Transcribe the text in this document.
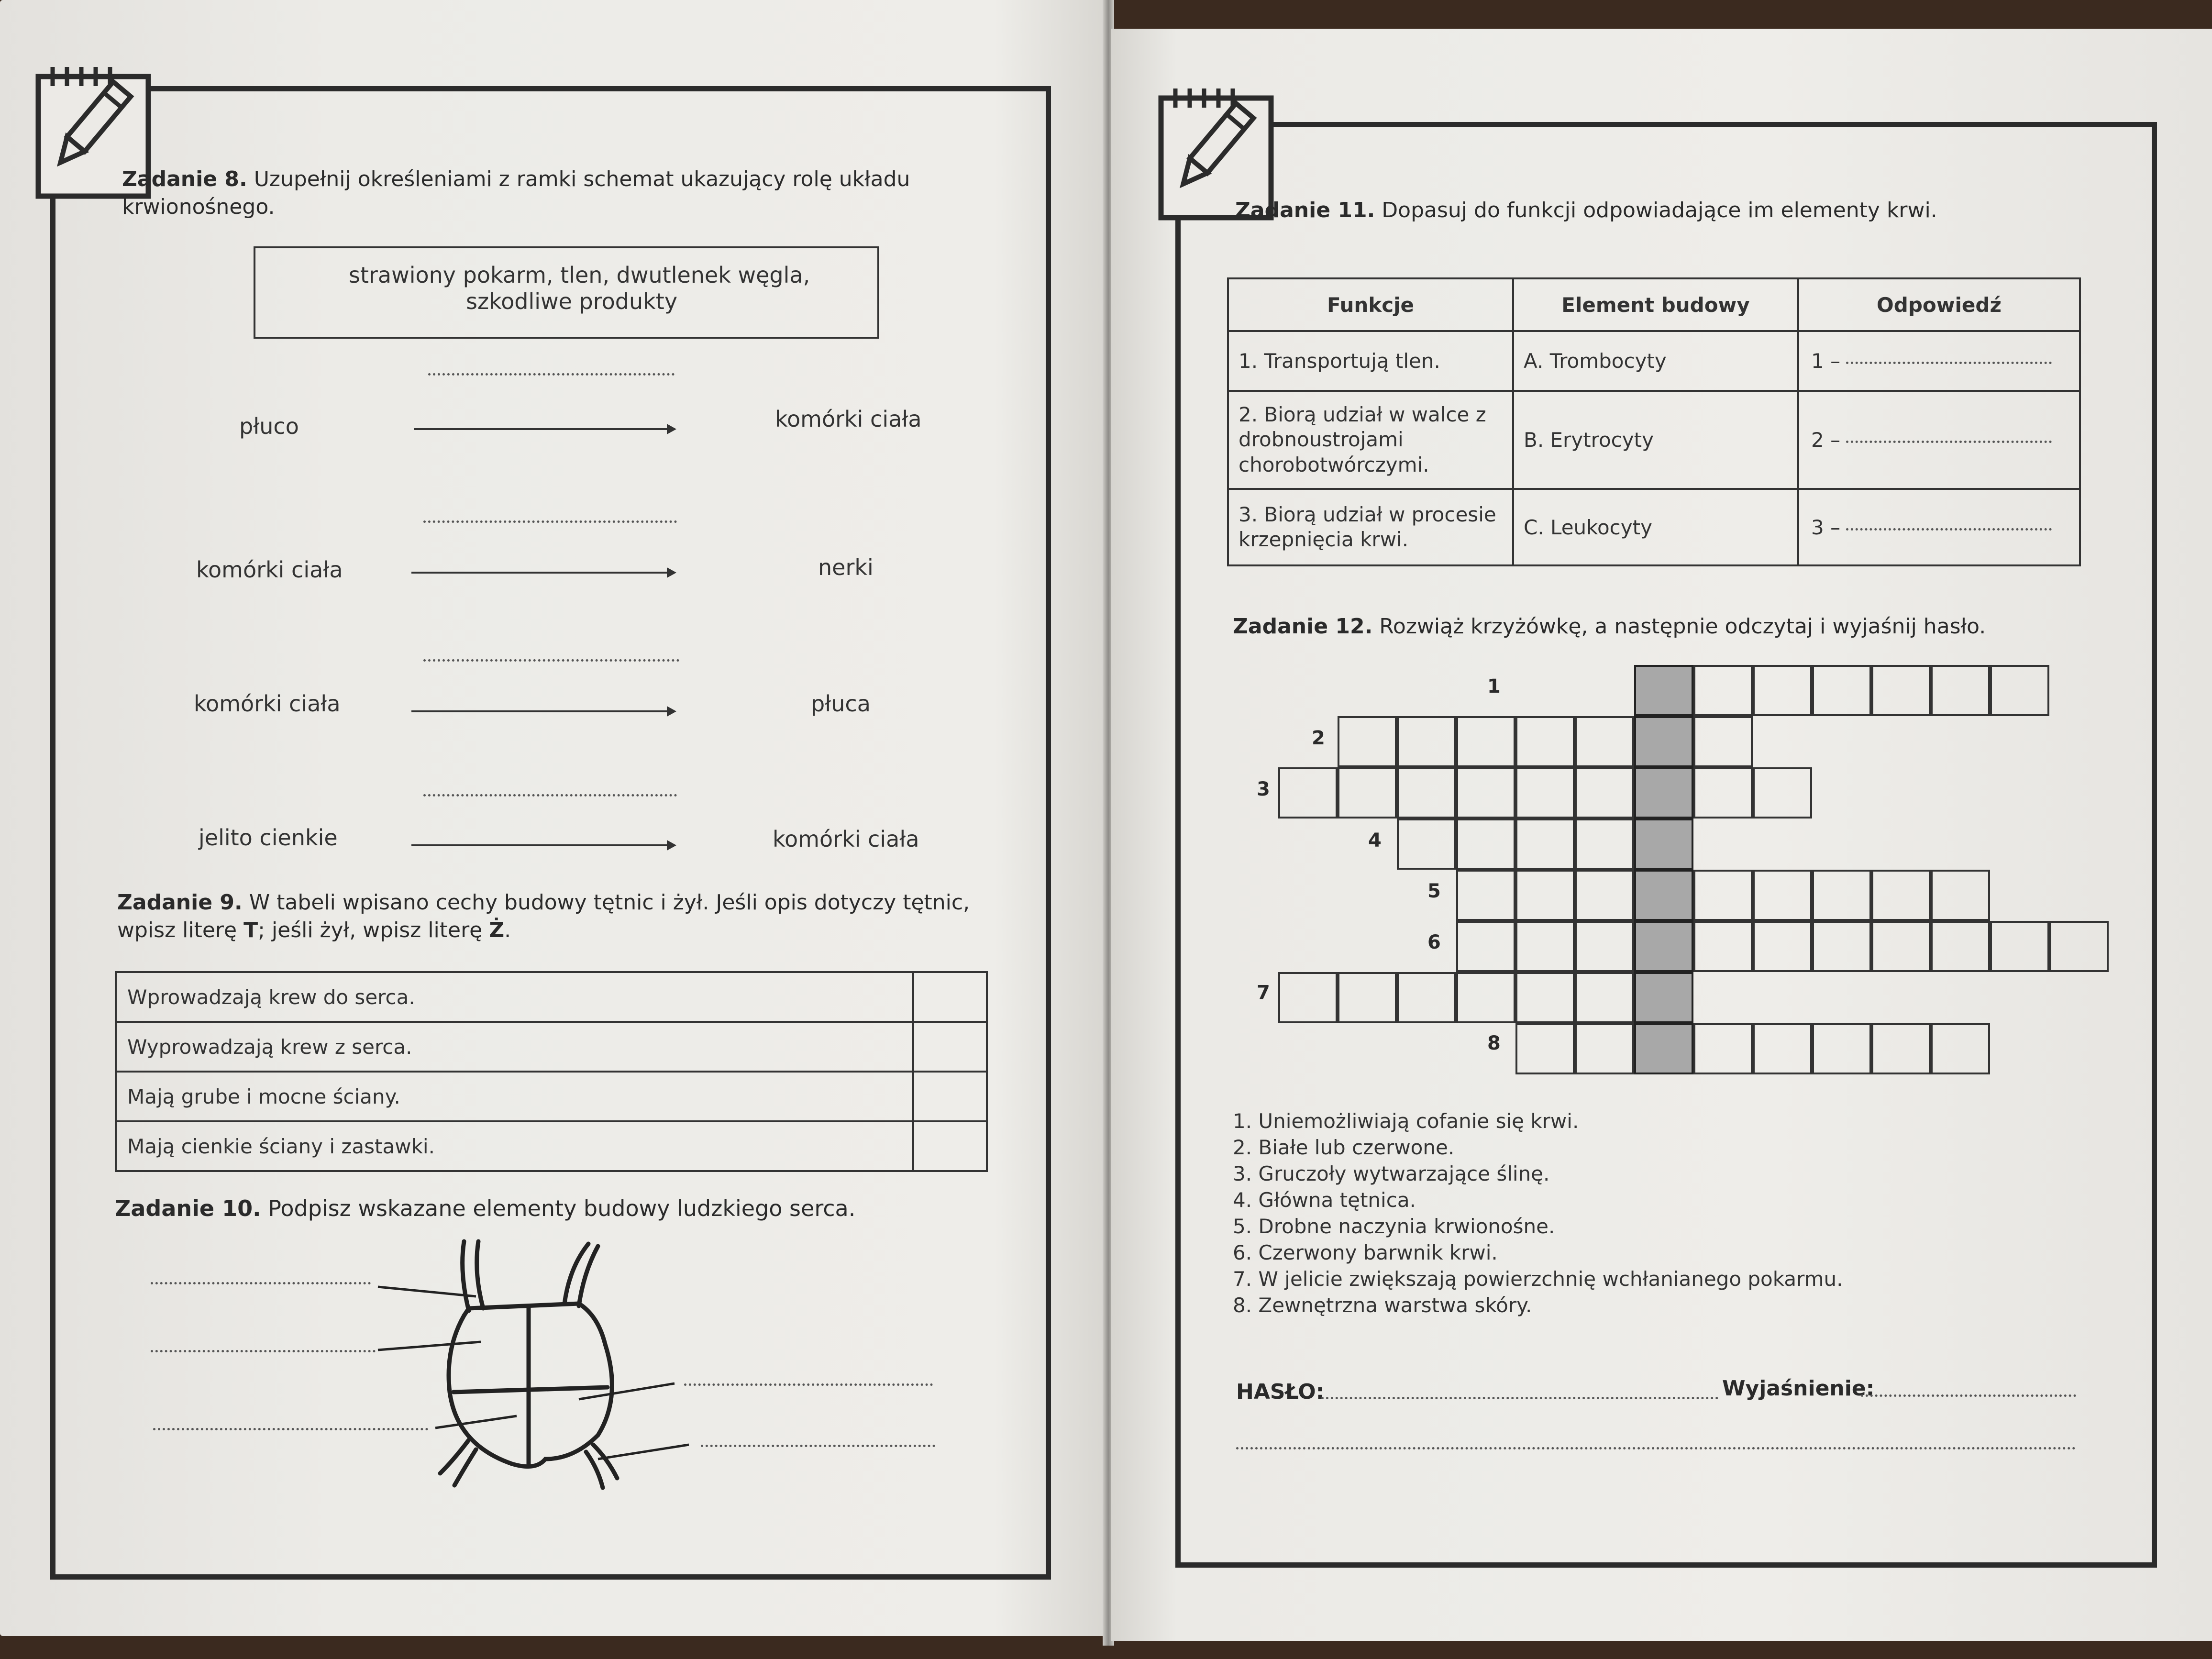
Zadanie 8. Uzupełnij określeniami z ramki schemat ukazujący rolę układu
krwionośnego.
strawiony pokarm, tlen, dwutlenek węgla,
szkodliwe produkty
płuco	komórki ciała
komórki ciała	nerki
komórki ciała	płuca
jelito cienkie	komórki ciała
Zadanie 9. W tabeli wpisano cechy budowy tętnic i żył. Jeśli opis dotyczy tętnic,
wpisz literę T; jeśli żył, wpisz literę Ż.
Wprowadzają krew do serca.	
Wyprowadzają krew z serca.	
Mają grube i mocne ściany.	
Mają cienkie ściany i zastawki.	
Zadanie 10. Podpisz wskazane elementy budowy ludzkiego serca.
Zadanie 11. Dopasuj do funkcji odpowiadające im elementy krwi.
Funkcje	Element budowy	Odpowiedź
1. Transportują tlen.	A. Trombocyty	1 –
2. Biorą udział w walce z drobnoustrojami chorobotwórczymi.	B. Erytrocyty	2 –
3. Biorą udział w procesie krzepnięcia krwi.	C. Leukocyty	3 –
Zadanie 12. Rozwiąż krzyżówkę, a następnie odczytaj i wyjaśnij hasło.
1
2
3
4
5
6
7
8
1. Uniemożliwiają cofanie się krwi.
2. Białe lub czerwone.
3. Gruczoły wytwarzające ślinę.
4. Główna tętnica.
5. Drobne naczynia krwionośne.
6. Czerwony barwnik krwi.
7. W jelicie zwiększają powierzchnię wchłanianego pokarmu.
8. Zewnętrzna warstwa skóry.
HASŁO:	Wyjaśnienie:
